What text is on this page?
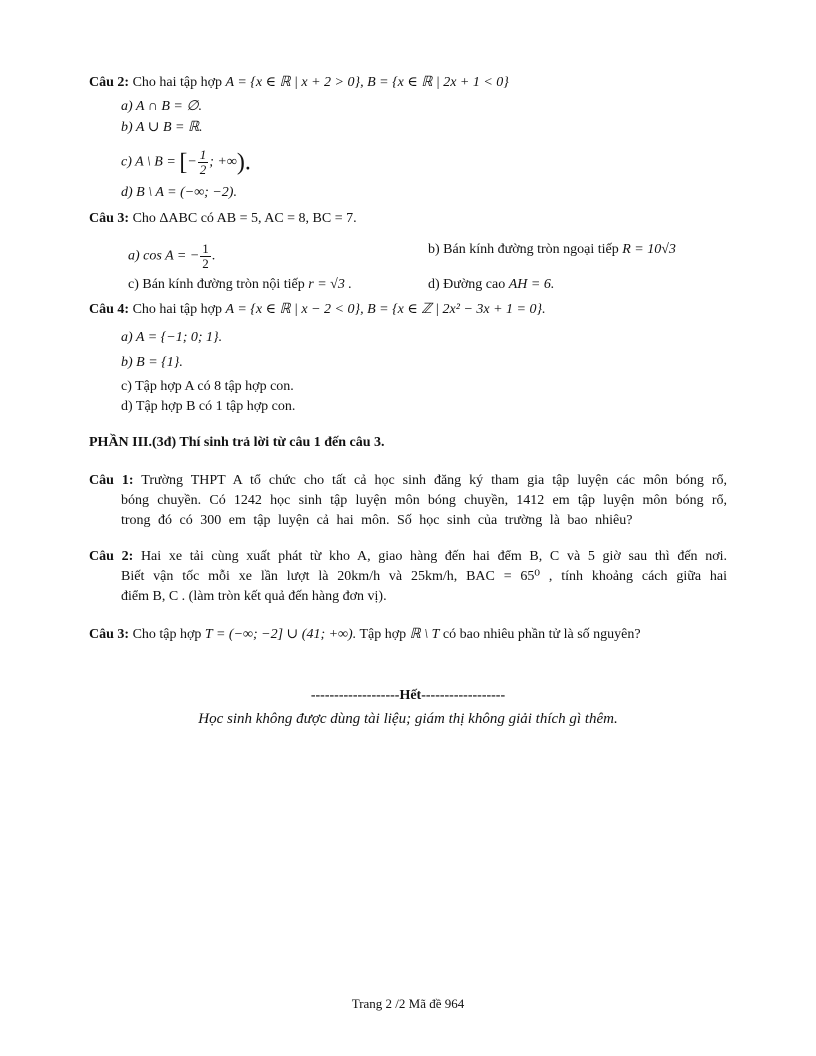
Câu 2: Cho hai tập hợp A = {x ∈ ℝ | x + 2 > 0}, B = {x ∈ ℝ | 2x + 1 < 0}
a) A ∩ B = ∅.
b) A ∪ B = ℝ.
c) A \ B = [− $\frac{1}{2}$ ; +∞).
d) B \ A = (−∞; −2).
Câu 3: Cho ΔABC có AB = 5, AC = 8, BC = 7.
a) cos A = − $\frac{1}{2}$ .	b) Bán kính đường tròn ngoại tiếp R = 10√3
c) Bán kính đường tròn nội tiếp r = √3 .	d) Đường cao AH = 6.
Câu 4: Cho hai tập hợp A = {x ∈ ℝ | x − 2 < 0}, B = {x ∈ ℤ | 2x² − 3x + 1 = 0}.
a) A = {−1; 0; 1}.
b) B = {1}.
c) Tập hợp A có 8 tập hợp con.
d) Tập hợp B có 1 tập hợp con.
PHẦN III.(3đ) Thí sinh trả lời từ câu 1 đến câu 3.
Câu 1: Trường THPT A tổ chức cho tất cả học sinh đăng ký tham gia tập luyện các môn bóng rổ,
bóng chuyền. Có 1242 học sinh tập luyện môn bóng chuyền, 1412 em tập luyện môn bóng rổ,
trong đó có 300 em tập luyện cả hai môn. Số học sinh của trường là bao nhiêu?
Câu 2: Hai xe tải cùng xuất phát từ kho A, giao hàng đến hai đểm B, C và 5 giờ sau thì đến nơi.
Biết vận tốc mỗi xe lần lượt là 20km/h và 25km/h, BAC = 65⁰ , tính khoảng cách giữa hai
điểm B, C . (làm tròn kết quả đến hàng đơn vị).
Câu 3: Cho tập hợp T = (−∞; −2] ∪ (41; +∞). Tập hợp ℝ \ T có bao nhiêu phần tử là số nguyên?
-------------------Hết------------------
Học sinh không được dùng tài liệu; giám thị không giải thích gì thêm.
Trang 2 /2 Mã đề 964
